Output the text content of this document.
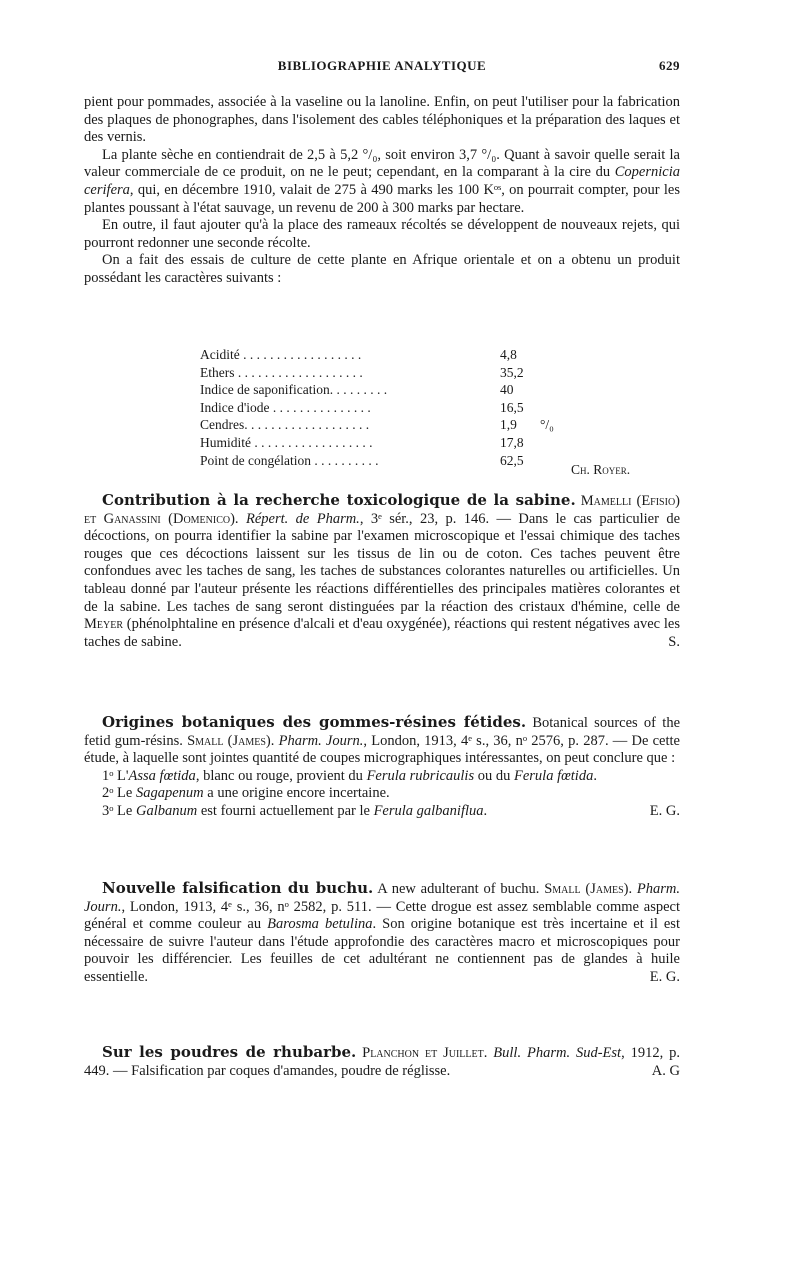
BIBLIOGRAPHIE ANALYTIQUE	629

pient pour pommades, associée à la vaseline ou la lanoline. Enfin, on peut l'utiliser pour la fabrication des plaques de phonographes, dans l'isolement des cables téléphoniques et la préparation des laques et des vernis.

La plante sèche en contiendrait de 2,5 à 5,2 °/₀, soit environ 3,7 °/₀. Quant à savoir quelle serait la valeur commerciale de ce produit, on ne le peut; cependant, en la comparant à la cire du Copernicia cerifera, qui, en décembre 1910, valait de 275 à 490 marks les 100 Kᵒˢ, on pourrait compter, pour les plantes poussant à l'état sauvage, un revenu de 200 à 300 marks par hectare.

En outre, il faut ajouter qu'à la place des rameaux récoltés se développent de nouveaux rejets, qui pourront redonner une seconde récolte.

On a fait des essais de culture de cette plante en Afrique orientale et on a obtenu un produit possédant les caractères suivants :

Acidité . . . . . . . . . . . . . . . . . .	4,8	
Ethers . . . . . . . . . . . . . . . . . . .	35,2	
Indice de saponification. . . . . . . . .	40	
Indice d'iode . . . . . . . . . . . . . . .	16,5	
Cendres. . . . . . . . . . . . . . . . . . .	1,9	°/₀
Humidité . . . . . . . . . . . . . . . . . .	17,8	
Point de congélation . . . . . . . . . .	62,5	
Ch. Royer.

Contribution à la recherche toxicologique de la sabine. Mamelli (Efisio) et Ganassini (Domenico). Répert. de Pharm., 3ᵉ sér., 23, p. 146. — Dans le cas particulier de décoctions, on pourra identifier la sabine par l'examen microscopique et l'essai chimique des taches rouges que ces décoctions laissent sur les tissus de lin ou de coton. Ces taches peuvent être confondues avec les taches de sang, les taches de substances colorantes naturelles ou artificielles. Un tableau donné par l'auteur présente les réactions différentielles des principales matières colorantes et de la sabine. Les taches de sang seront distinguées par la réaction des cristaux d'hémine, celle de Meyer (phénolphtaline en présence d'alcali et d'eau oxygénée), réactions qui restent négatives avec les taches de sabine.	S.

Origines botaniques des gommes-résines fétides. Botanical sources of the fetid gum-résins. Small (James). Pharm. Journ., London, 1913, 4ᵉ s., 36, nᵒ 2576, p. 287. — De cette étude, à laquelle sont jointes quantité de coupes micrographiques intéressantes, on peut conclure que :

1ᵒ L'Assa fœtida, blanc ou rouge, provient du Ferula rubricaulis ou du Ferula fœtida.

2ᵒ Le Sagapenum a une origine encore incertaine.

3ᵒ Le Galbanum est fourni actuellement par le Ferula galbaniflua.	E. G.

Nouvelle falsification du buchu. A new adulterant of buchu. Small (James). Pharm. Journ., London, 1913, 4ᵉ s., 36, nᵒ 2582, p. 511. — Cette drogue est assez semblable comme aspect général et comme couleur au Barosma betulina. Son origine botanique est très incertaine et il est nécessaire de suivre l'auteur dans l'étude approfondie des caractères macro et microscopiques pour pouvoir les différencier. Les feuilles de cet adultérant ne contiennent pas de glandes à huile essentielle.	E. G.

Sur les poudres de rhubarbe. Planchon et Juillet. Bull. Pharm. Sud-Est, 1912, p. 449. — Falsification par coques d'amandes, poudre de réglisse.	A. G
